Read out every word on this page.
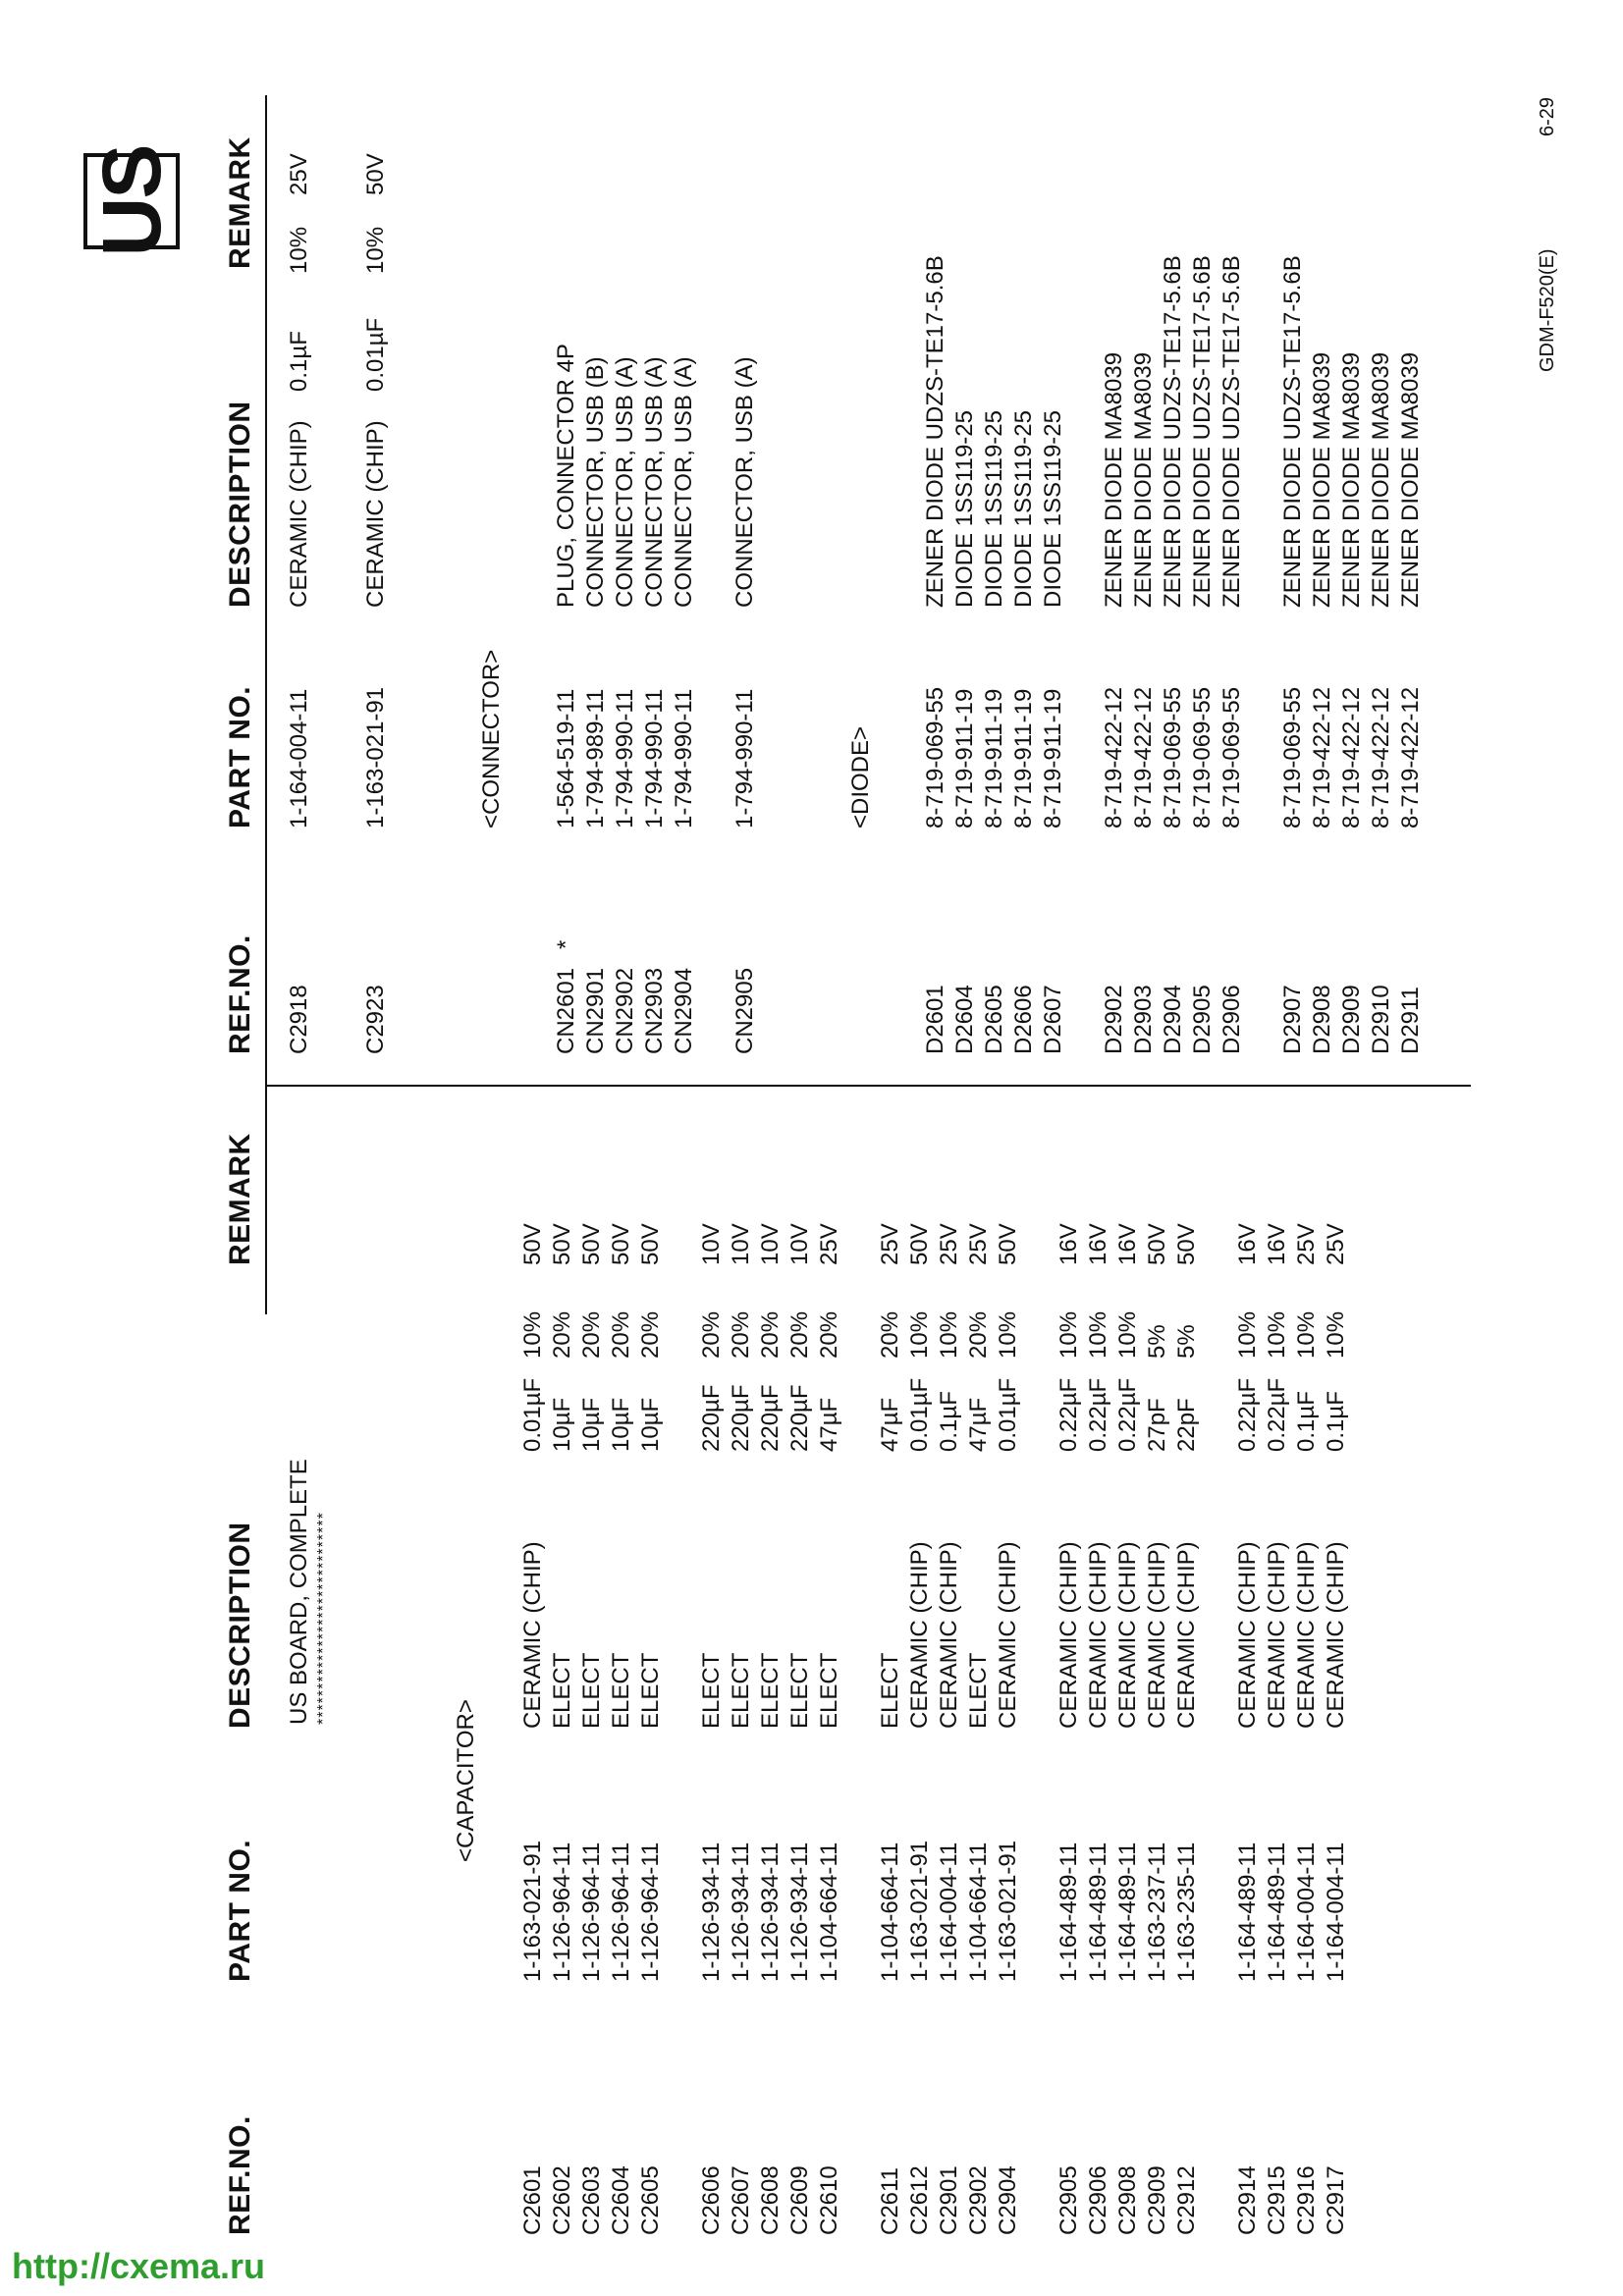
REF.NO.
PART NO.
DESCRIPTION
REMARK
REF.NO.
PART NO.
DESCRIPTION
REMARK
US BOARD, COMPLETE ******************************
<CAPACITOR>
C2601
1-163-021-91
CERAMIC (CHIP)
0.01µF
10%
50V
C2602
1-126-964-11
ELECT
10µF
20%
50V
C2603
1-126-964-11
ELECT
10µF
20%
50V
C2604
1-126-964-11
ELECT
10µF
20%
50V
C2605
1-126-964-11
ELECT
10µF
20%
50V
C2606
1-126-934-11
ELECT
220µF
20%
10V
C2607
1-126-934-11
ELECT
220µF
20%
10V
C2608
1-126-934-11
ELECT
220µF
20%
10V
C2609
1-126-934-11
ELECT
220µF
20%
10V
C2610
1-104-664-11
ELECT
47µF
20%
25V
C2611
1-104-664-11
ELECT
47µF
20%
25V
C2612
1-163-021-91
CERAMIC (CHIP)
0.01µF
10%
50V
C2901
1-164-004-11
CERAMIC (CHIP)
0.1µF
10%
25V
C2902
1-104-664-11
ELECT
47µF
20%
25V
C2904
1-163-021-91
CERAMIC (CHIP)
0.01µF
10%
50V
C2905
1-164-489-11
CERAMIC (CHIP)
0.22µF
10%
16V
C2906
1-164-489-11
CERAMIC (CHIP)
0.22µF
10%
16V
C2908
1-164-489-11
CERAMIC (CHIP)
0.22µF
10%
16V
C2909
1-163-237-11
CERAMIC (CHIP)
27pF
5%
50V
C2912
1-163-235-11
CERAMIC (CHIP)
22pF
5%
50V
C2914
1-164-489-11
CERAMIC (CHIP)
0.22µF
10%
16V
C2915
1-164-489-11
CERAMIC (CHIP)
0.22µF
10%
16V
C2916
1-164-004-11
CERAMIC (CHIP)
0.1µF
10%
25V
C2917
1-164-004-11
CERAMIC (CHIP)
0.1µF
10%
25V
C2918
1-164-004-11
CERAMIC (CHIP)
0.1µF
10%
25V
C2923
1-163-021-91
CERAMIC (CHIP)
0.01µF
10%
50V
<CONNECTOR>
CN2601
*
1-564-519-11
PLUG, CONNECTOR 4P
CN2901
1-794-989-11
CONNECTOR, USB (B)
CN2902
1-794-990-11
CONNECTOR, USB (A)
CN2903
1-794-990-11
CONNECTOR, USB (A)
CN2904
1-794-990-11
CONNECTOR, USB (A)
CN2905
1-794-990-11
CONNECTOR, USB (A)
<DIODE>
D2601
8-719-069-55
ZENER DIODE UDZS-TE17-5.6B
D2604
8-719-911-19
DIODE 1SS119-25
D2605
8-719-911-19
DIODE 1SS119-25
D2606
8-719-911-19
DIODE 1SS119-25
D2607
8-719-911-19
DIODE 1SS119-25
D2902
8-719-422-12
ZENER DIODE MA8039
D2903
8-719-422-12
ZENER DIODE MA8039
D2904
8-719-069-55
ZENER DIODE UDZS-TE17-5.6B
D2905
8-719-069-55
ZENER DIODE UDZS-TE17-5.6B
D2906
8-719-069-55
ZENER DIODE UDZS-TE17-5.6B
D2907
8-719-069-55
ZENER DIODE UDZS-TE17-5.6B
D2908
8-719-422-12
ZENER DIODE MA8039
D2909
8-719-422-12
ZENER DIODE MA8039
D2910
8-719-422-12
ZENER DIODE MA8039
D2911
8-719-422-12
ZENER DIODE MA8039
US
GDM-F520(E)
6-29
http://cxema.ru
